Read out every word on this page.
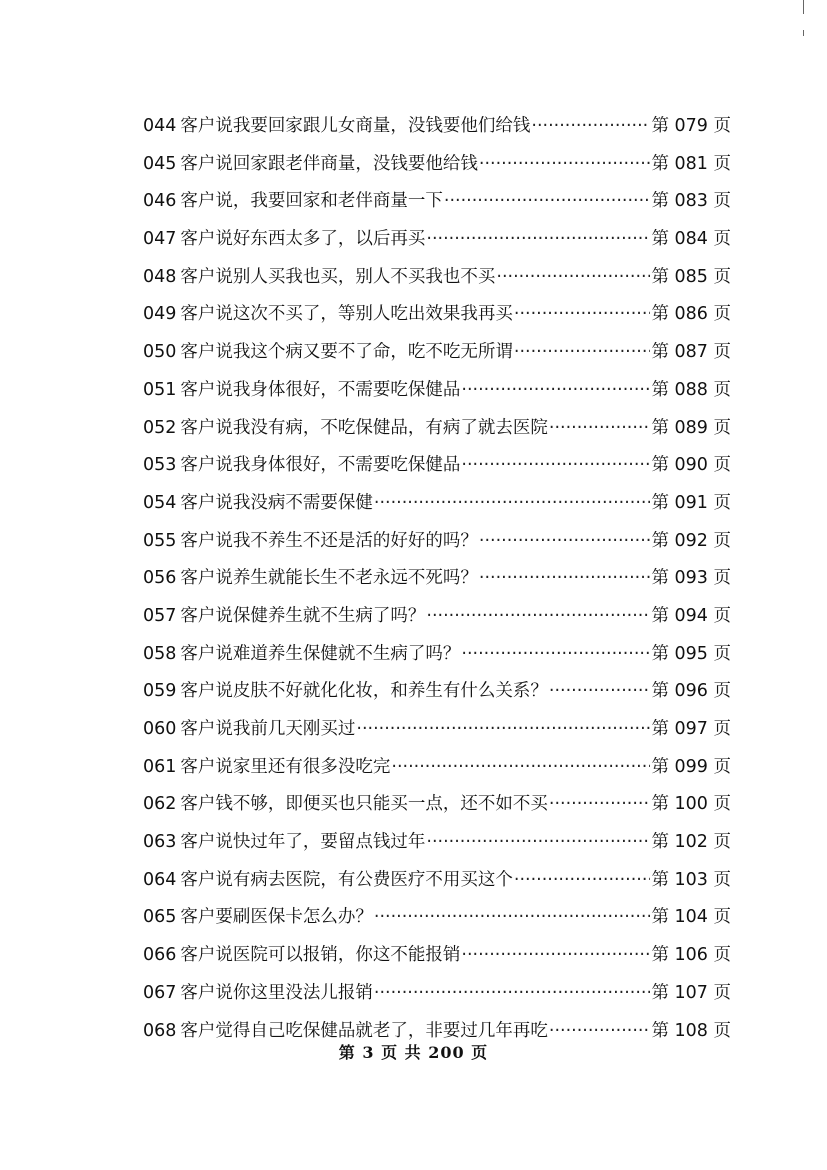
044 客户说我要回家跟儿女商量，没钱要他们给钱 ·····	第 079 页
045 客户说回家跟老伴商量，没钱要他给钱 ·····	第 081 页
046 客户说，我要回家和老伴商量一下 ·····	第 083 页
047 客户说好东西太多了，以后再买 ·····	第 084 页
048 客户说别人买我也买，别人不买我也不买 ·····	第 085 页
049 客户说这次不买了，等别人吃出效果我再买 ·····	第 086 页
050 客户说我这个病又要不了命，吃不吃无所谓 ·····	第 087 页
051 客户说我身体很好，不需要吃保健品 ·····	第 088 页
052 客户说我没有病，不吃保健品，有病了就去医院 ·····	第 089 页
053 客户说我身体很好，不需要吃保健品 ·····	第 090 页
054 客户说我没病不需要保健 ·····	第 091 页
055 客户说我不养生不还是活的好好的吗？ ·····	第 092 页
056 客户说养生就能长生不老永远不死吗？ ·····	第 093 页
057 客户说保健养生就不生病了吗？ ·····	第 094 页
058 客户说难道养生保健就不生病了吗？ ·····	第 095 页
059 客户说皮肤不好就化化妆，和养生有什么关系？ ·····	第 096 页
060 客户说我前几天刚买过 ·····	第 097 页
061 客户说家里还有很多没吃完 ·····	第 099 页
062 客户钱不够，即便买也只能买一点，还不如不买 ·····	第 100 页
063 客户说快过年了，要留点钱过年 ·····	第 102 页
064 客户说有病去医院，有公费医疗不用买这个 ·····	第 103 页
065 客户要刷医保卡怎么办？ ·····	第 104 页
066 客户说医院可以报销，你这不能报销 ·····	第 106 页
067 客户说你这里没法儿报销 ·····	第 107 页
068 客户觉得自己吃保健品就老了，非要过几年再吃 ·····	第 108 页
第 3 页 共 200 页
